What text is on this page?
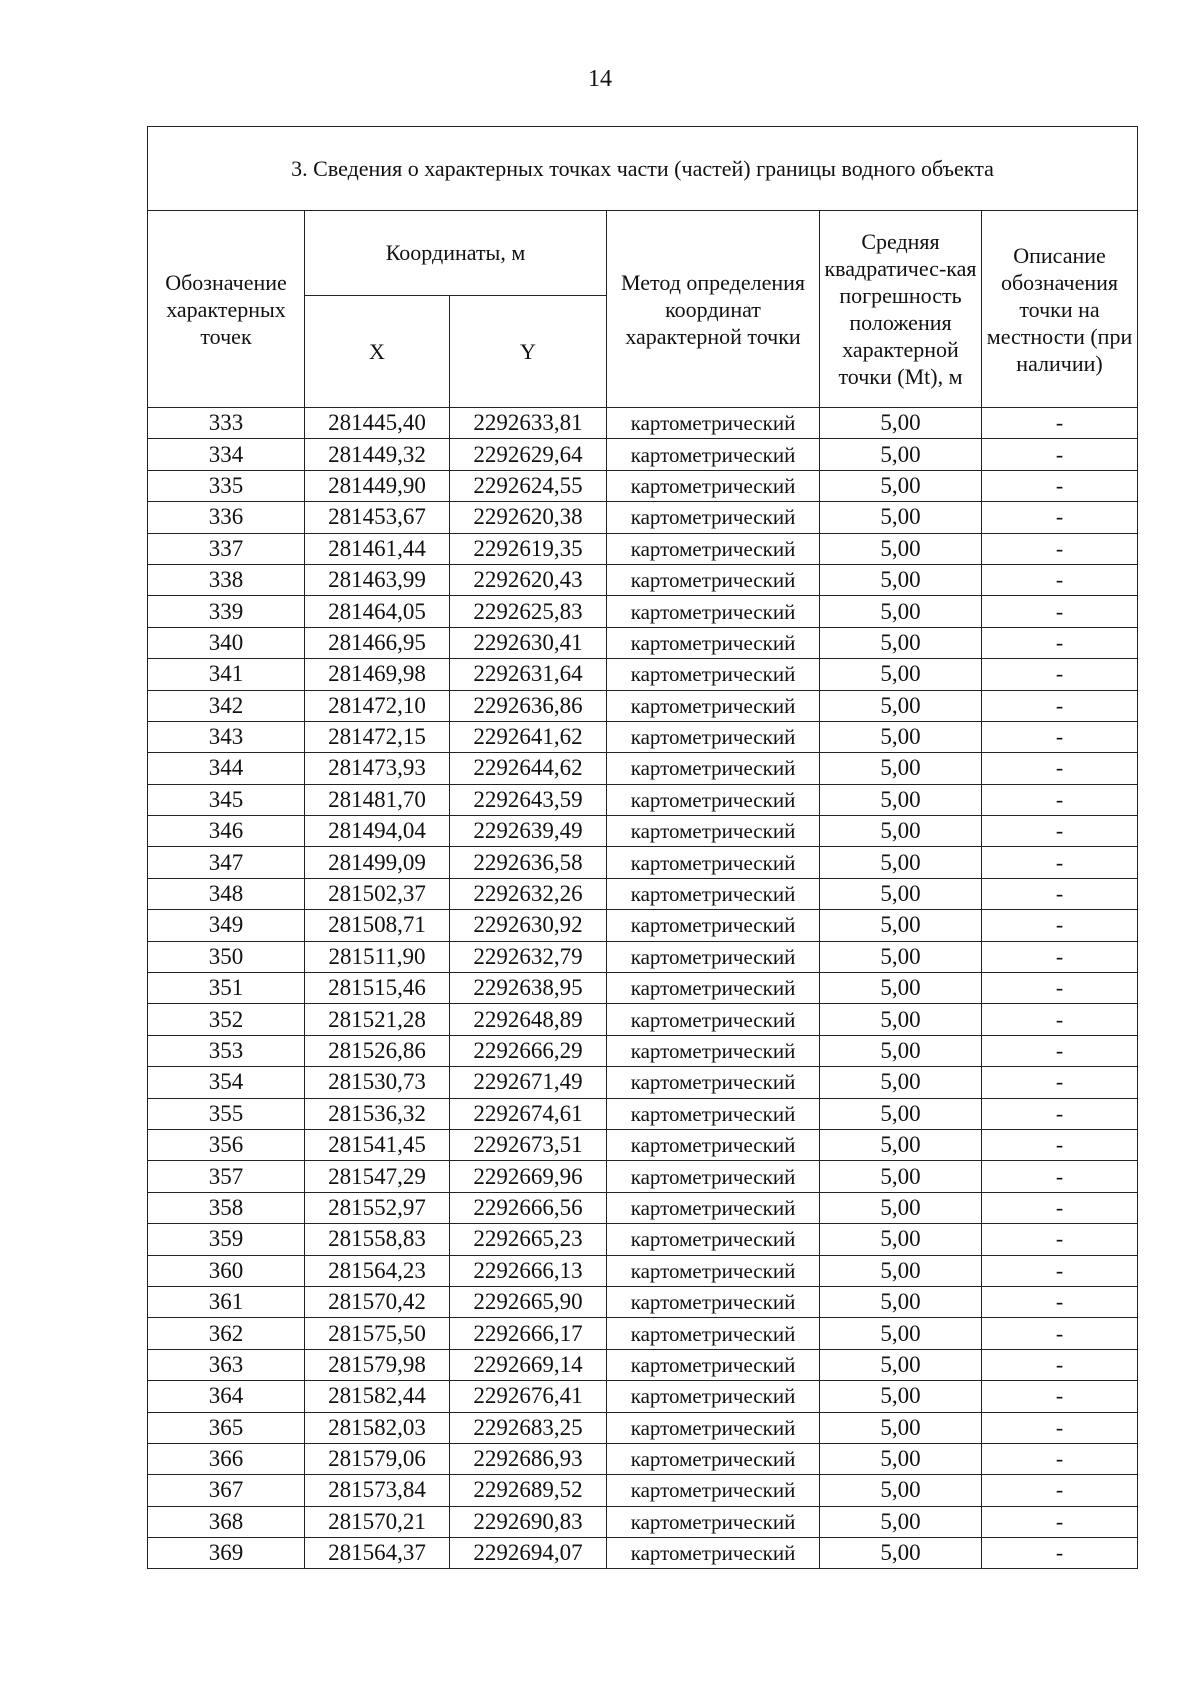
14
3. Сведения о характерных точках части (частей) границы водного объекта					
Обозначение характерных точек	Координаты, м		Метод определения координат характерной точки	Средняя квадратичес-кая погрешность положения характерной точки (Mt), м	Описание обозначения точки на местности (при наличии)
	X	Y			
333	281445,40	2292633,81	картометрический	5,00	-
334	281449,32	2292629,64	картометрический	5,00	-
335	281449,90	2292624,55	картометрический	5,00	-
336	281453,67	2292620,38	картометрический	5,00	-
337	281461,44	2292619,35	картометрический	5,00	-
338	281463,99	2292620,43	картометрический	5,00	-
339	281464,05	2292625,83	картометрический	5,00	-
340	281466,95	2292630,41	картометрический	5,00	-
341	281469,98	2292631,64	картометрический	5,00	-
342	281472,10	2292636,86	картометрический	5,00	-
343	281472,15	2292641,62	картометрический	5,00	-
344	281473,93	2292644,62	картометрический	5,00	-
345	281481,70	2292643,59	картометрический	5,00	-
346	281494,04	2292639,49	картометрический	5,00	-
347	281499,09	2292636,58	картометрический	5,00	-
348	281502,37	2292632,26	картометрический	5,00	-
349	281508,71	2292630,92	картометрический	5,00	-
350	281511,90	2292632,79	картометрический	5,00	-
351	281515,46	2292638,95	картометрический	5,00	-
352	281521,28	2292648,89	картометрический	5,00	-
353	281526,86	2292666,29	картометрический	5,00	-
354	281530,73	2292671,49	картометрический	5,00	-
355	281536,32	2292674,61	картометрический	5,00	-
356	281541,45	2292673,51	картометрический	5,00	-
357	281547,29	2292669,96	картометрический	5,00	-
358	281552,97	2292666,56	картометрический	5,00	-
359	281558,83	2292665,23	картометрический	5,00	-
360	281564,23	2292666,13	картометрический	5,00	-
361	281570,42	2292665,90	картометрический	5,00	-
362	281575,50	2292666,17	картометрический	5,00	-
363	281579,98	2292669,14	картометрический	5,00	-
364	281582,44	2292676,41	картометрический	5,00	-
365	281582,03	2292683,25	картометрический	5,00	-
366	281579,06	2292686,93	картометрический	5,00	-
367	281573,84	2292689,52	картометрический	5,00	-
368	281570,21	2292690,83	картометрический	5,00	-
369	281564,37	2292694,07	картометрический	5,00	-
